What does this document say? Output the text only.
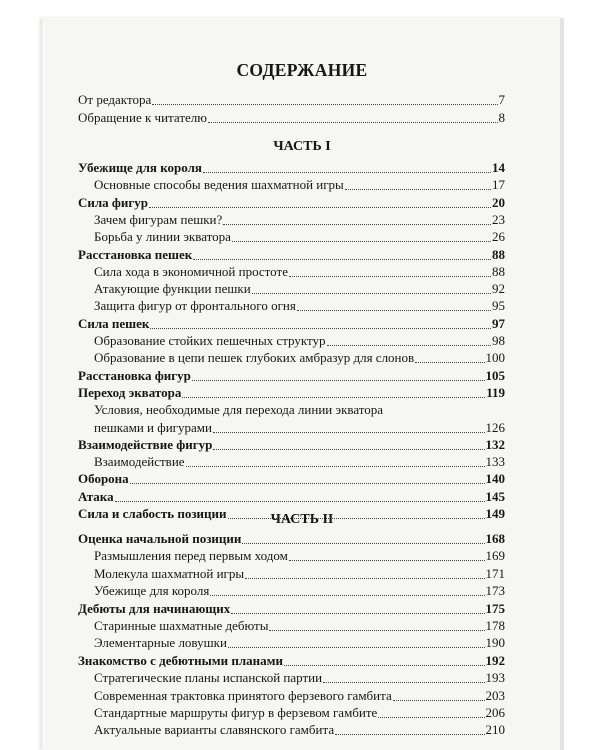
СОДЕРЖАНИЕ
От редактора	7
Обращение к читателю	8
ЧАСТЬ I
Убежище для короля	14
Основные способы ведения шахматной игры	17
Сила фигур	20
Зачем фигурам пешки?	23
Борьба у линии экватора	26
Расстановка пешек	88
Сила хода в экономичной простоте	88
Атакующие функции пешки	92
Защита фигур от фронтального огня	95
Сила пешек	97
Образование стойких пешечных структур	98
Образование в цепи пешек глубоких амбразур для слонов	100
Расстановка фигур	105
Переход экватора	119
Условия, необходимые для перехода линии экватора
пешками и фигурами	126
Взаимодействие фигур	132
Взаимодействие	133
Оборона	140
Атака	145
Сила и слабость позиции	149
ЧАСТЬ II
Оценка начальной позиции	168
Размышления перед первым ходом	169
Молекула шахматной игры	171
Убежище для короля	173
Дебюты для начинающих	175
Старинные шахматные дебюты	178
Элементарные ловушки	190
Знакомство с дебютными планами	192
Стратегические планы испанской партии	193
Современная трактовка принятого ферзевого гамбита	203
Стандартные маршруты фигур в ферзевом гамбите	206
Актуальные варианты славянского гамбита	210
